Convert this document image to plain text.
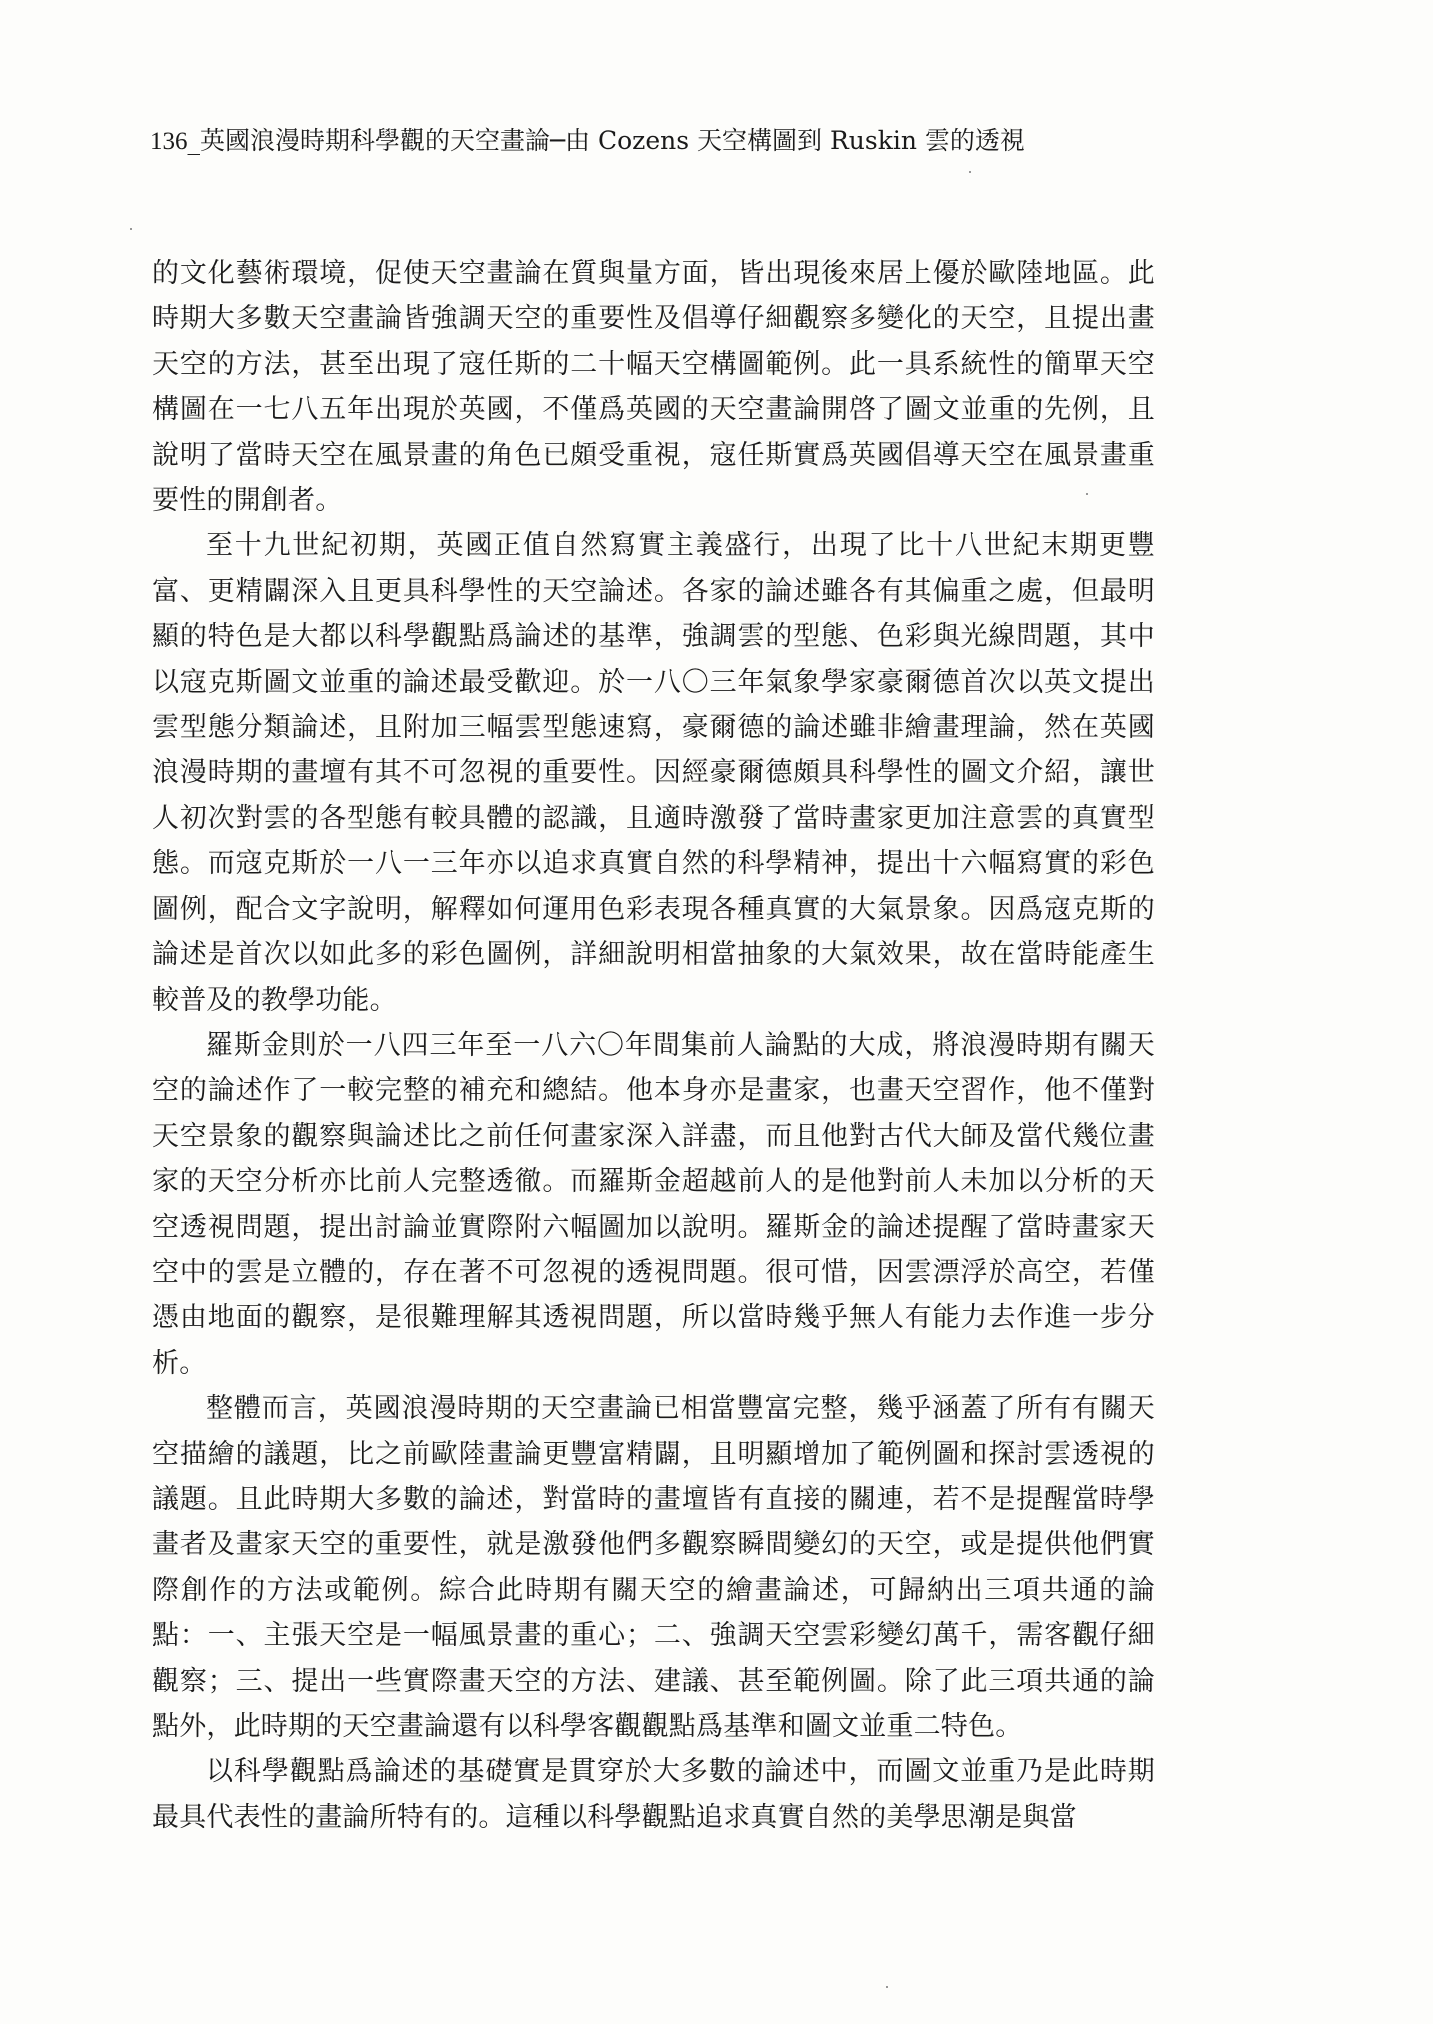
136_英國浪漫時期科學觀的天空畫論─由 Cozens 天空構圖到 Ruskin 雲的透視

的文化藝術環境，促使天空畫論在質與量方面，皆出現後來居上優於歐陸地區。此時期大多數天空畫論皆強調天空的重要性及倡導仔細觀察多變化的天空，且提出畫天空的方法，甚至出現了寇任斯的二十幅天空構圖範例。此一具系統性的簡單天空構圖在一七八五年出現於英國，不僅爲英國的天空畫論開啓了圖文並重的先例，且說明了當時天空在風景畫的角色已頗受重視，寇任斯實爲英國倡導天空在風景畫重要性的開創者。

至十九世紀初期，英國正值自然寫實主義盛行，出現了比十八世紀末期更豐富、更精闢深入且更具科學性的天空論述。各家的論述雖各有其偏重之處，但最明顯的特色是大都以科學觀點爲論述的基準，強調雲的型態、色彩與光線問題，其中以寇克斯圖文並重的論述最受歡迎。於一八〇三年氣象學家豪爾德首次以英文提出雲型態分類論述，且附加三幅雲型態速寫，豪爾德的論述雖非繪畫理論，然在英國浪漫時期的畫壇有其不可忽視的重要性。因經豪爾德頗具科學性的圖文介紹，讓世人初次對雲的各型態有較具體的認識，且適時激發了當時畫家更加注意雲的真實型態。而寇克斯於一八一三年亦以追求真實自然的科學精神，提出十六幅寫實的彩色圖例，配合文字說明，解釋如何運用色彩表現各種真實的大氣景象。因爲寇克斯的論述是首次以如此多的彩色圖例，詳細說明相當抽象的大氣效果，故在當時能產生較普及的教學功能。

羅斯金則於一八四三年至一八六〇年間集前人論點的大成，將浪漫時期有關天空的論述作了一較完整的補充和總結。他本身亦是畫家，也畫天空習作，他不僅對天空景象的觀察與論述比之前任何畫家深入詳盡，而且他對古代大師及當代幾位畫家的天空分析亦比前人完整透徹。而羅斯金超越前人的是他對前人未加以分析的天空透視問題，提出討論並實際附六幅圖加以說明。羅斯金的論述提醒了當時畫家天空中的雲是立體的，存在著不可忽視的透視問題。很可惜，因雲漂浮於高空，若僅憑由地面的觀察，是很難理解其透視問題，所以當時幾乎無人有能力去作進一步分析。

整體而言，英國浪漫時期的天空畫論已相當豐富完整，幾乎涵蓋了所有有關天空描繪的議題，比之前歐陸畫論更豐富精闢，且明顯增加了範例圖和探討雲透視的議題。且此時期大多數的論述，對當時的畫壇皆有直接的關連，若不是提醒當時學畫者及畫家天空的重要性，就是激發他們多觀察瞬間變幻的天空，或是提供他們實際創作的方法或範例。綜合此時期有關天空的繪畫論述，可歸納出三項共通的論點：一、主張天空是一幅風景畫的重心；二、強調天空雲彩變幻萬千，需客觀仔細觀察；三、提出一些實際畫天空的方法、建議、甚至範例圖。除了此三項共通的論點外，此時期的天空畫論還有以科學客觀觀點爲基準和圖文並重二特色。

以科學觀點爲論述的基礎實是貫穿於大多數的論述中，而圖文並重乃是此時期最具代表性的畫論所特有的。這種以科學觀點追求真實自然的美學思潮是與當
